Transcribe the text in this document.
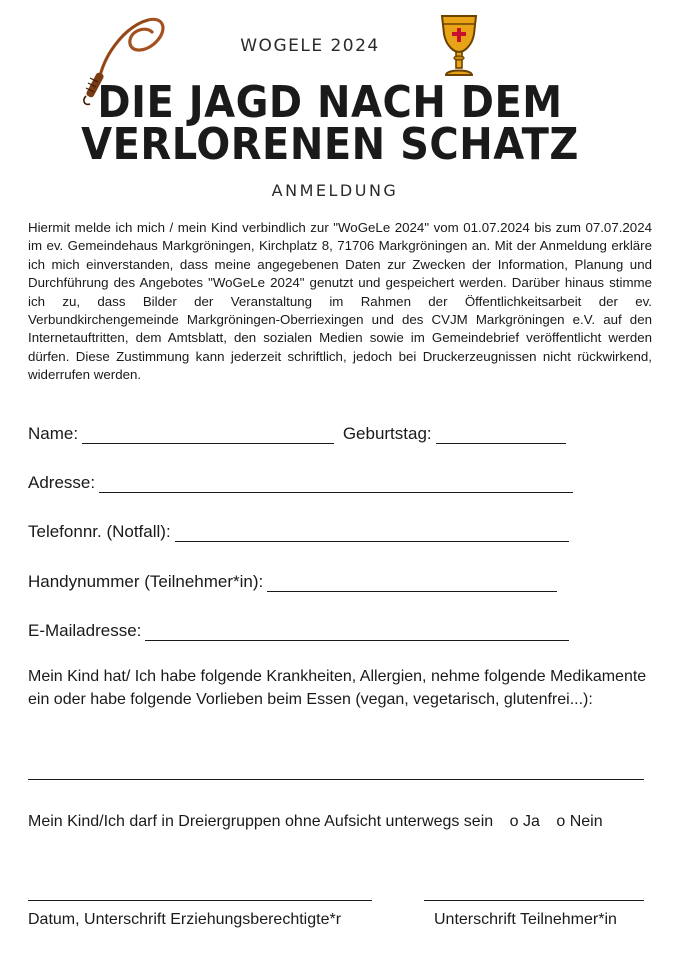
WOGELE 2024
DIE JAGD NACH DEM
VERLORENEN SCHATZ
ANMELDUNG
Hiermit melde ich mich / mein Kind verbindlich zur "WoGeLe 2024" vom 01.07.2024 bis zum 07.07.2024 im ev. Gemeindehaus Markgröningen, Kirchplatz 8, 71706 Markgröningen an. Mit der Anmeldung erkläre ich mich einverstanden, dass meine angegebenen Daten zur Zwecken der Information, Planung und Durchführung des Angebotes "WoGeLe 2024" genutzt und gespeichert werden. Darüber hinaus stimme ich zu, dass Bilder der Veranstaltung im Rahmen der Öffentlichkeitsarbeit der ev. Verbundkirchengemeinde Markgröningen-Oberriexingen und des CVJM Markgröningen e.V. auf den Internetauftritten, dem Amtsblatt, den sozialen Medien sowie im Gemeindebrief veröffentlicht werden dürfen. Diese Zustimmung kann jederzeit schriftlich, jedoch bei Druckerzeugnissen nicht rückwirkend, widerrufen werden.
Name:	Geburtstag:
Adresse:
Telefonnr. (Notfall):
Handynummer (Teilnehmer*in):
E-Mailadresse:
Mein Kind hat/ Ich habe folgende Krankheiten, Allergien, nehme folgende Medikamente ein oder habe folgende Vorlieben beim Essen (vegan, vegetarisch, glutenfrei...):
Mein Kind/Ich darf in Dreiergruppen ohne Aufsicht unterwegs sein o Ja o Nein
Datum, Unterschrift Erziehungsberechtigte*r	Unterschrift Teilnehmer*in
